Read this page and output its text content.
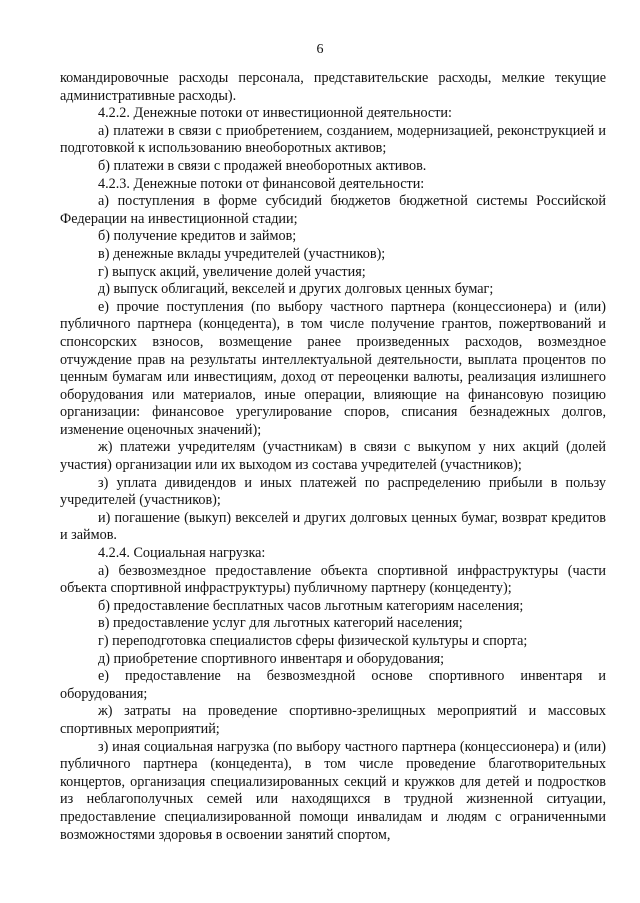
6

командировочные расходы персонала, представительские расходы, мелкие текущие административные расходы).

4.2.2. Денежные потоки от инвестиционной деятельности:

а) платежи в связи с приобретением, созданием, модернизацией, реконструкцией и подготовкой к использованию внеоборотных активов;

б) платежи в связи с продажей внеоборотных активов.

4.2.3. Денежные потоки от финансовой деятельности:

а) поступления в форме субсидий бюджетов бюджетной системы Российской Федерации на инвестиционной стадии;

б) получение кредитов и займов;

в) денежные вклады учредителей (участников);

г) выпуск акций, увеличение долей участия;

д) выпуск облигаций, векселей и других долговых ценных бумаг;

е) прочие поступления (по выбору частного партнера (концессионера) и (или) публичного партнера (концедента), в том числе получение грантов, пожертвований и спонсорских взносов, возмещение ранее произведенных расходов, возмездное отчуждение прав на результаты интеллектуальной деятельности, выплата процентов по ценным бумагам или инвестициям, доход от переоценки валюты, реализация излишнего оборудования или материалов, иные операции, влияющие на финансовую позицию организации: финансовое урегулирование споров, списания безнадежных долгов, изменение оценочных значений);

ж) платежи учредителям (участникам) в связи с выкупом у них акций (долей участия) организации или их выходом из состава учредителей (участников);

з) уплата дивидендов и иных платежей по распределению прибыли в пользу учредителей (участников);

и) погашение (выкуп) векселей и других долговых ценных бумаг, возврат кредитов и займов.

4.2.4. Социальная нагрузка:

а) безвозмездное предоставление объекта спортивной инфраструктуры (части объекта спортивной инфраструктуры) публичному партнеру (концеденту);

б) предоставление бесплатных часов льготным категориям населения;

в) предоставление услуг для льготных категорий населения;

г) переподготовка специалистов сферы физической культуры и спорта;

д) приобретение спортивного инвентаря и оборудования;

е) предоставление на безвозмездной основе спортивного инвентаря и оборудования;

ж) затраты на проведение спортивно-зрелищных мероприятий и массовых спортивных мероприятий;

з) иная социальная нагрузка (по выбору частного партнера (концессионера) и (или) публичного партнера (концедента), в том числе проведение благотворительных концертов, организация специализированных секций и кружков для детей и подростков из неблагополучных семей или находящихся в трудной жизненной ситуации, предоставление специализированной помощи инвалидам и людям с ограниченными возможностями здоровья в освоении занятий спортом,
